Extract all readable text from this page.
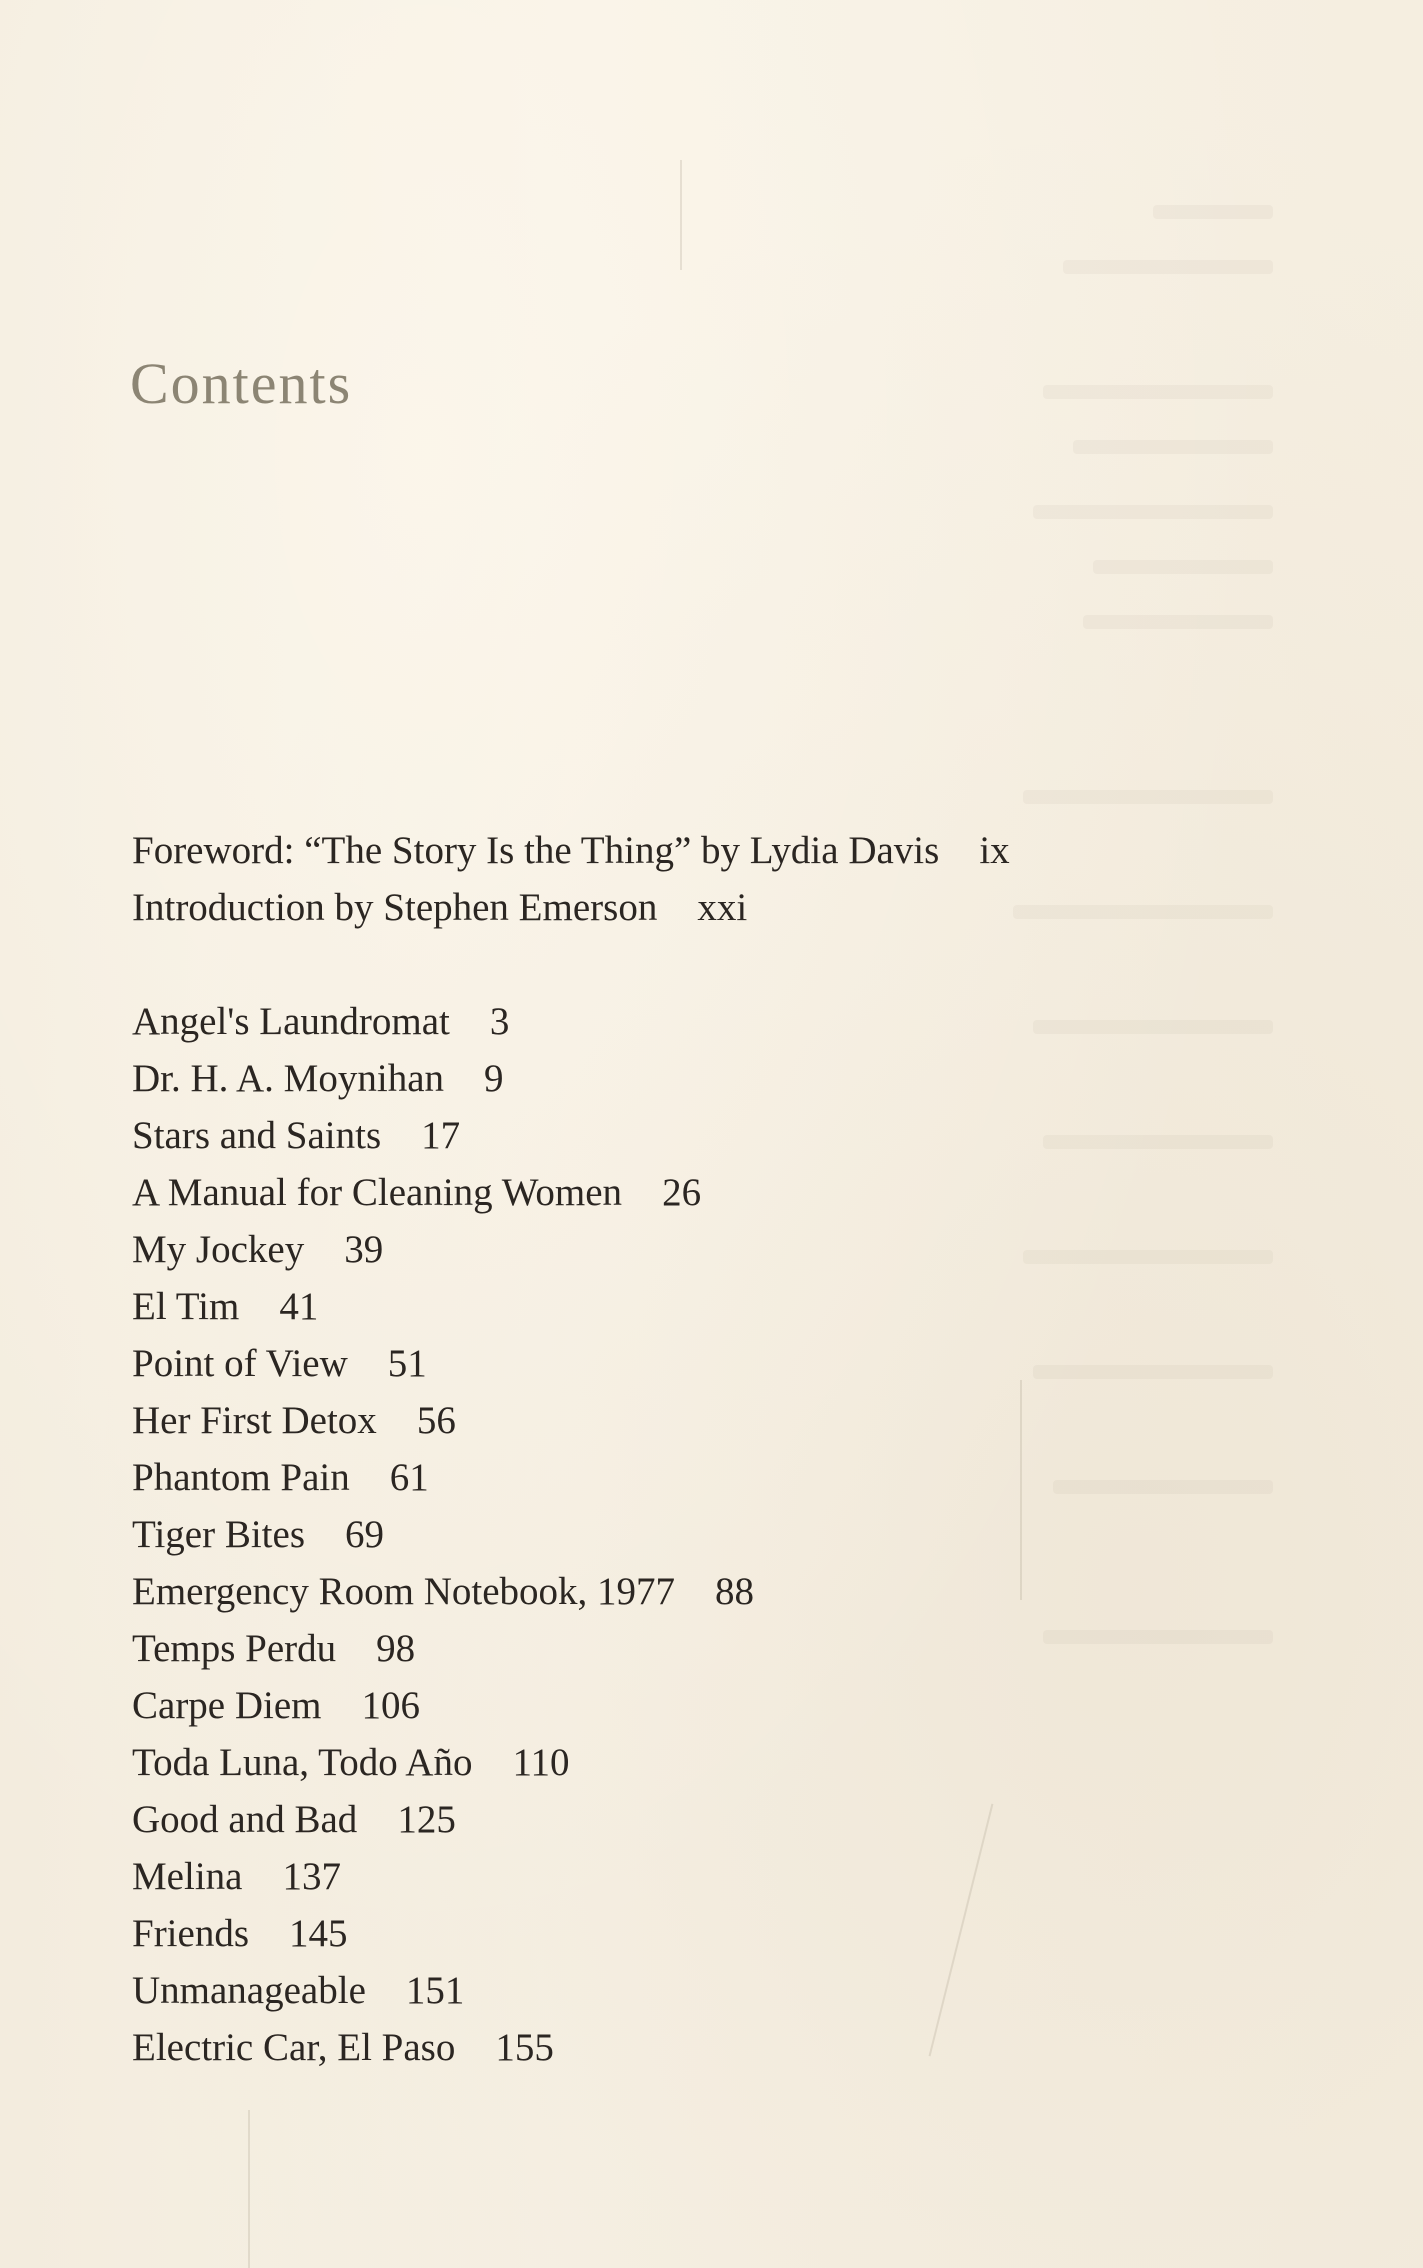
Contents
Foreword: “The Story Is the Thing” by Lydia Davis ix
Introduction by Stephen Emerson xxi
Angel's Laundromat 3
Dr. H. A. Moynihan 9
Stars and Saints 17
A Manual for Cleaning Women 26
My Jockey 39
El Tim 41
Point of View 51
Her First Detox 56
Phantom Pain 61
Tiger Bites 69
Emergency Room Notebook, 1977 88
Temps Perdu 98
Carpe Diem 106
Toda Luna, Todo Año 110
Good and Bad 125
Melina 137
Friends 145
Unmanageable 151
Electric Car, El Paso 155
